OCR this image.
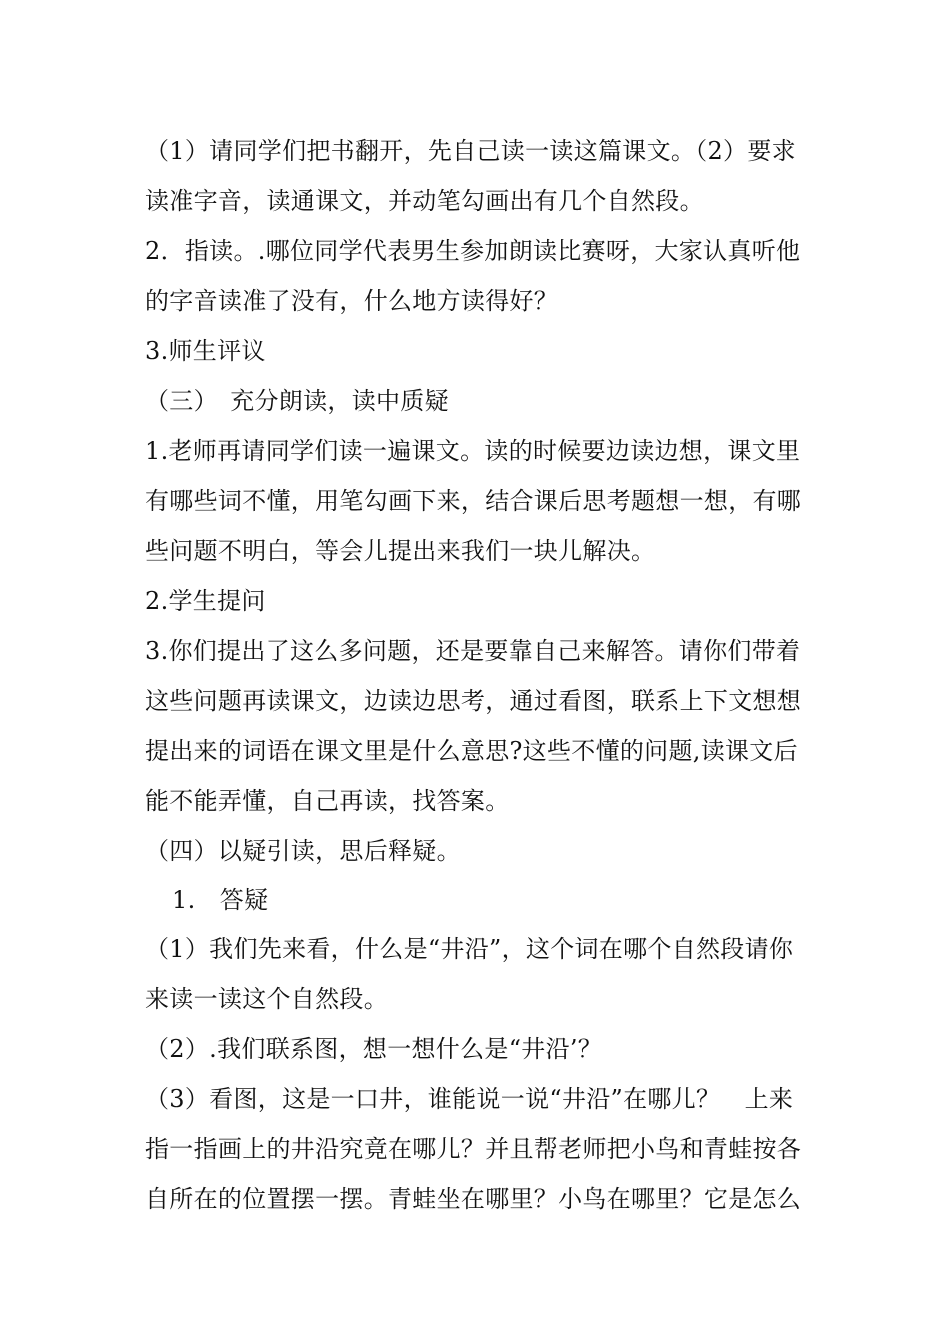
（1）请同学们把书翻开，先自己读一读这篇课文。（2）要求
读准字音，读通课文，并动笔勾画出有几个自然段。
2．指读。.哪位同学代表男生参加朗读比赛呀，大家认真听他
的字音读准了没有，什么地方读得好？
3.师生评议
（三）　充分朗读，读中质疑
1.老师再请同学们读一遍课文。读的时候要边读边想，课文里
有哪些词不懂，用笔勾画下来，结合课后思考题想一想，有哪
些问题不明白，等会儿提出来我们一块儿解决。
2.学生提问
3.你们提出了这么多问题，还是要靠自己来解答。请你们带着
这些问题再读课文，边读边思考，通过看图，联系上下文想想
提出来的词语在课文里是什么意思?这些不懂的问题,读课文后
能不能弄懂，自己再读，找答案。
（四）以疑引读，思后释疑。
1.　答疑
（1）我们先来看，什么是“井沿”，这个词在哪个自然段请你
来读一读这个自然段。
（2）.我们联系图，想一想什么是“井沿’？
（3）看图，这是一口井，谁能说一说“井沿”在哪儿？　上来
指一指画上的井沿究竟在哪儿？并且帮老师把小鸟和青蛙按各
自所在的位置摆一摆。青蛙坐在哪里？小鸟在哪里？它是怎么
